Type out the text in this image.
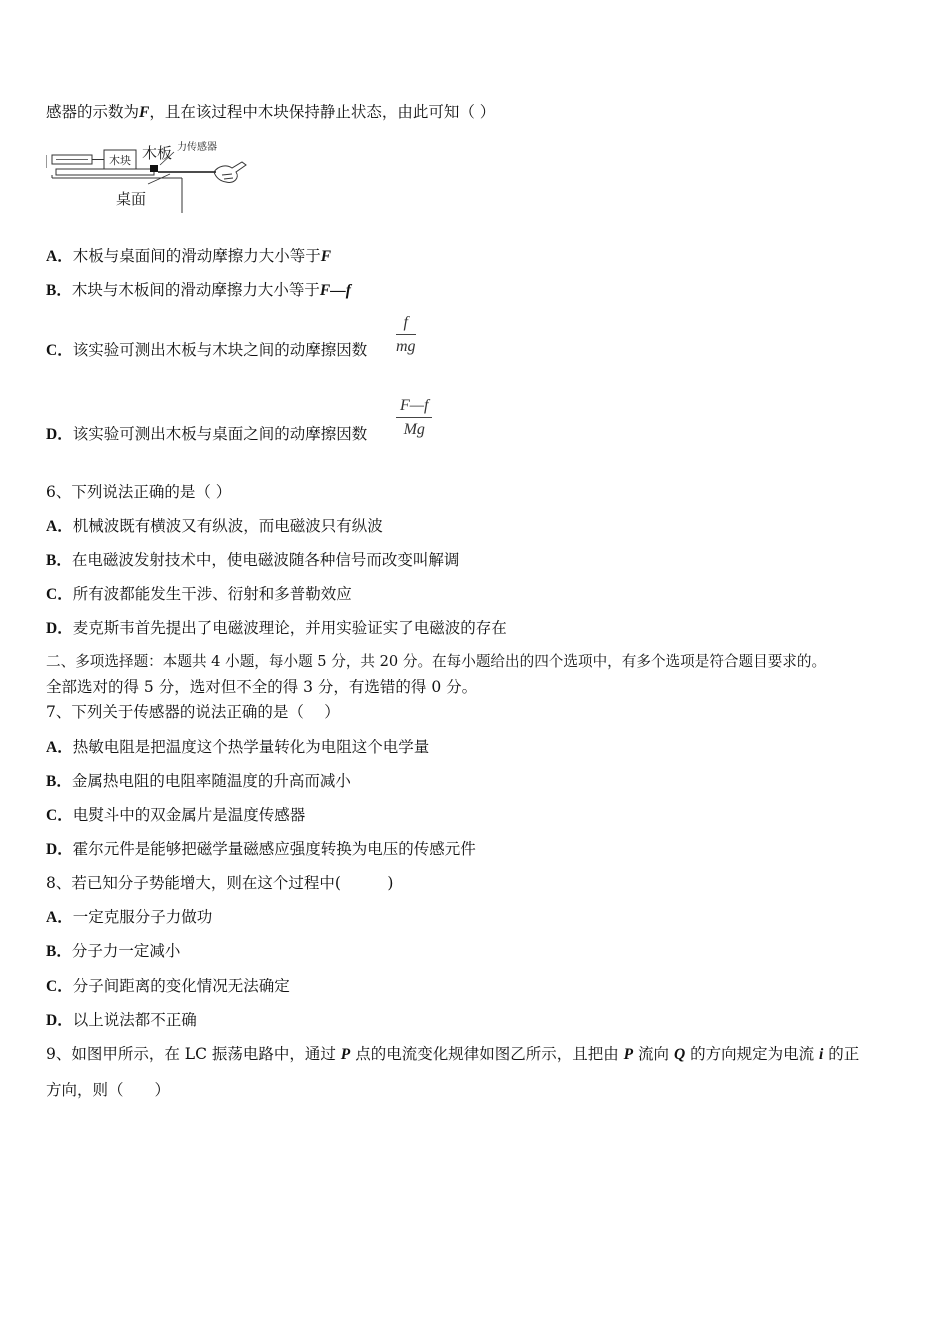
感器的示数为F，且在该过程中木块保持静止状态，由此可知（ ）
木块 木板 力传感器
桌面
A．木板与桌面间的滑动摩擦力大小等于F
B．木块与木板间的滑动摩擦力大小等于F—f
C．该实验可测出木板与木块之间的动摩擦因数 $\frac{f}{mg}$
D．该实验可测出木板与桌面之间的动摩擦因数 $\frac{F—f}{Mg}$
6、下列说法正确的是（ ）
A．机械波既有横波又有纵波，而电磁波只有纵波
B．在电磁波发射技术中，使电磁波随各种信号而改变叫解调
C．所有波都能发生干涉、衍射和多普勒效应
D．麦克斯韦首先提出了电磁波理论，并用实验证实了电磁波的存在
二、多项选择题：本题共 4 小题，每小题 5 分，共 20 分。在每小题给出的四个选项中，有多个选项是符合题目要求的。
全部选对的得 5 分，选对但不全的得 3 分，有选错的得 0 分。
7、下列关于传感器的说法正确的是（　 ）
A．热敏电阻是把温度这个热学量转化为电阻这个电学量
B．金属热电阻的电阻率随温度的升高而减小
C．电熨斗中的双金属片是温度传感器
D．霍尔元件是能够把磁学量磁感应强度转换为电压的传感元件
8、若已知分子势能增大，则在这个过程中(　　　)
A．一定克服分子力做功
B．分子力一定减小
C．分子间距离的变化情况无法确定
D．以上说法都不正确
9、如图甲所示，在 LC 振荡电路中，通过 P 点的电流变化规律如图乙所示，且把由 P 流向 Q 的方向规定为电流 i 的正
方向，则（　　）
